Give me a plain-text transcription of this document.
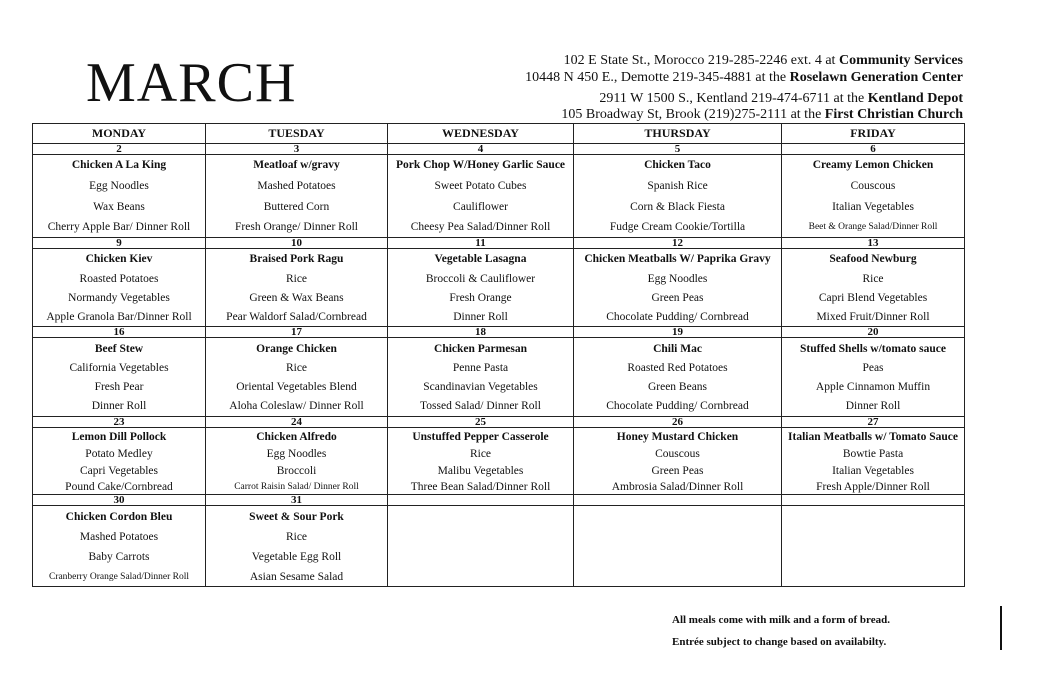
MARCH	102 E State St., Morocco 219-285-2246 ext. 4 at Community Services
10448 N 450 E., Demotte 219-345-4881 at the Roselawn Generation Center
2911 W 1500 S., Kentland 219-474-6711 at the Kentland Depot
105 Broadway St, Brook (219)275-2111 at the First Christian Church
MONDAY	TUESDAY	WEDNESDAY	THURSDAY	FRIDAY
2	3	4	5	6
Chicken A La King	Meatloaf w/gravy	Pork Chop W/Honey Garlic Sauce	Chicken Taco	Creamy Lemon Chicken
Egg Noodles	Mashed Potatoes	Sweet Potato Cubes	Spanish Rice	Couscous
Wax Beans	Buttered Corn	Cauliflower	Corn & Black Fiesta	Italian Vegetables
Cherry Apple Bar/ Dinner Roll	Fresh Orange/ Dinner Roll	Cheesy Pea Salad/Dinner Roll	Fudge Cream Cookie/Tortilla	Beet & Orange Salad/Dinner Roll
9	10	11	12	13
Chicken Kiev	Braised Pork Ragu	Vegetable Lasagna	Chicken Meatballs W/ Paprika Gravy	Seafood Newburg
Roasted Potatoes	Rice	Broccoli & Cauliflower	Egg Noodles	Rice
Normandy Vegetables	Green & Wax Beans	Fresh Orange	Green Peas	Capri Blend Vegetables
Apple Granola Bar/Dinner Roll	Pear Waldorf Salad/Cornbread	Dinner Roll	Chocolate Pudding/ Cornbread	Mixed Fruit/Dinner Roll
16	17	18	19	20
Beef Stew	Orange Chicken	Chicken Parmesan	Chili Mac	Stuffed Shells w/tomato sauce
California Vegetables	Rice	Penne Pasta	Roasted Red Potatoes	Peas
Fresh Pear	Oriental Vegetables Blend	Scandinavian Vegetables	Green Beans	Apple Cinnamon Muffin
Dinner Roll	Aloha Coleslaw/ Dinner Roll	Tossed Salad/ Dinner Roll	Chocolate Pudding/ Cornbread	Dinner Roll
23	24	25	26	27
Lemon Dill Pollock	Chicken Alfredo	Unstuffed Pepper Casserole	Honey Mustard Chicken	Italian Meatballs w/ Tomato Sauce
Potato Medley	Egg Noodles	Rice	Couscous	Bowtie Pasta
Capri Vegetables	Broccoli	Malibu Vegetables	Green Peas	Italian Vegetables
Pound Cake/Cornbread	Carrot Raisin Salad/ Dinner Roll	Three Bean Salad/Dinner Roll	Ambrosia Salad/Dinner Roll	Fresh Apple/Dinner Roll
30	31			
Chicken Cordon Bleu	Sweet & Sour Pork			
Mashed Potatoes	Rice			
Baby Carrots	Vegetable Egg Roll			
Cranberry Orange Salad/Dinner Roll	Asian Sesame Salad			
All meals come with milk and a form of bread.
Entrée subject to change based on availabilty.
